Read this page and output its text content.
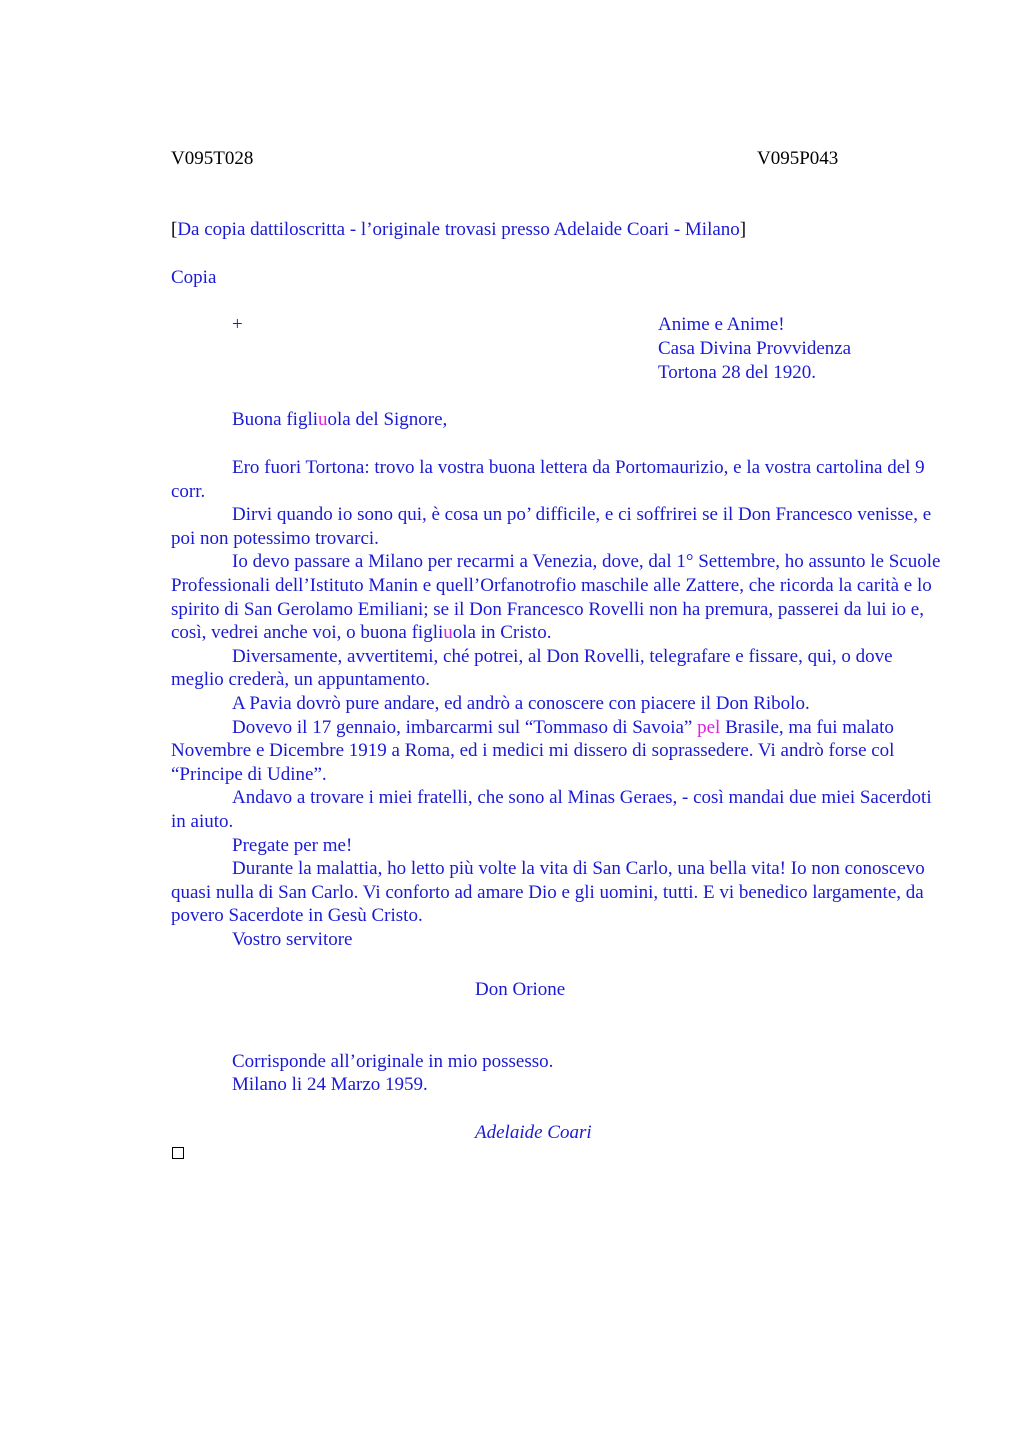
V095T028	V095P043
[Da copia dattiloscritta - l’originale trovasi presso Adelaide Coari - Milano]
Copia
+	Anime e Anime!
Casa Divina Provvidenza
Tortona 28 del 1920.
Buona figliuola del Signore,

Ero fuori Tortona: trovo la vostra buona lettera da Portomaurizio, e la vostra cartolina del 9 corr.

Dirvi quando io sono qui, è cosa un po’ difficile, e ci soffrirei se il Don Francesco venisse, e poi non potessimo trovarci.

Io devo passare a Milano per recarmi a Venezia, dove, dal 1° Settembre, ho assunto le Scuole Professionali dell’Istituto Manin e quell’Orfanotrofio maschile alle Zattere, che ricorda la carità e lo spirito di San Gerolamo Emiliani; se il Don Francesco Rovelli non ha premura, passerei da lui io e, così, vedrei anche voi, o buona figliuola in Cristo.

Diversamente, avvertitemi, ché potrei, al Don Rovelli, telegrafare e fissare, qui, o dove meglio crederà, un appuntamento.

A Pavia dovrò pure andare, ed andrò a conoscere con piacere il Don Ribolo.

Dovevo il 17 gennaio, imbarcarmi sul “Tommaso di Savoia” pel Brasile, ma fui malato Novembre e Dicembre 1919 a Roma, ed i medici mi dissero di soprassedere. Vi andrò forse col “Principe di Udine”.

Andavo a trovare i miei fratelli, che sono al Minas Geraes, - così mandai due miei Sacerdoti in aiuto.

Pregate per me!

Durante la malattia, ho letto più volte la vita di San Carlo, una bella vita! Io non conoscevo quasi nulla di San Carlo. Vi conforto ad amare Dio e gli uomini, tutti. E vi benedico largamente, da povero Sacerdote in Gesù Cristo.

Vostro servitore

Don Orione
Corrisponde all’originale in mio possesso.
Milano li 24 Marzo 1959.
Adelaide Coari
